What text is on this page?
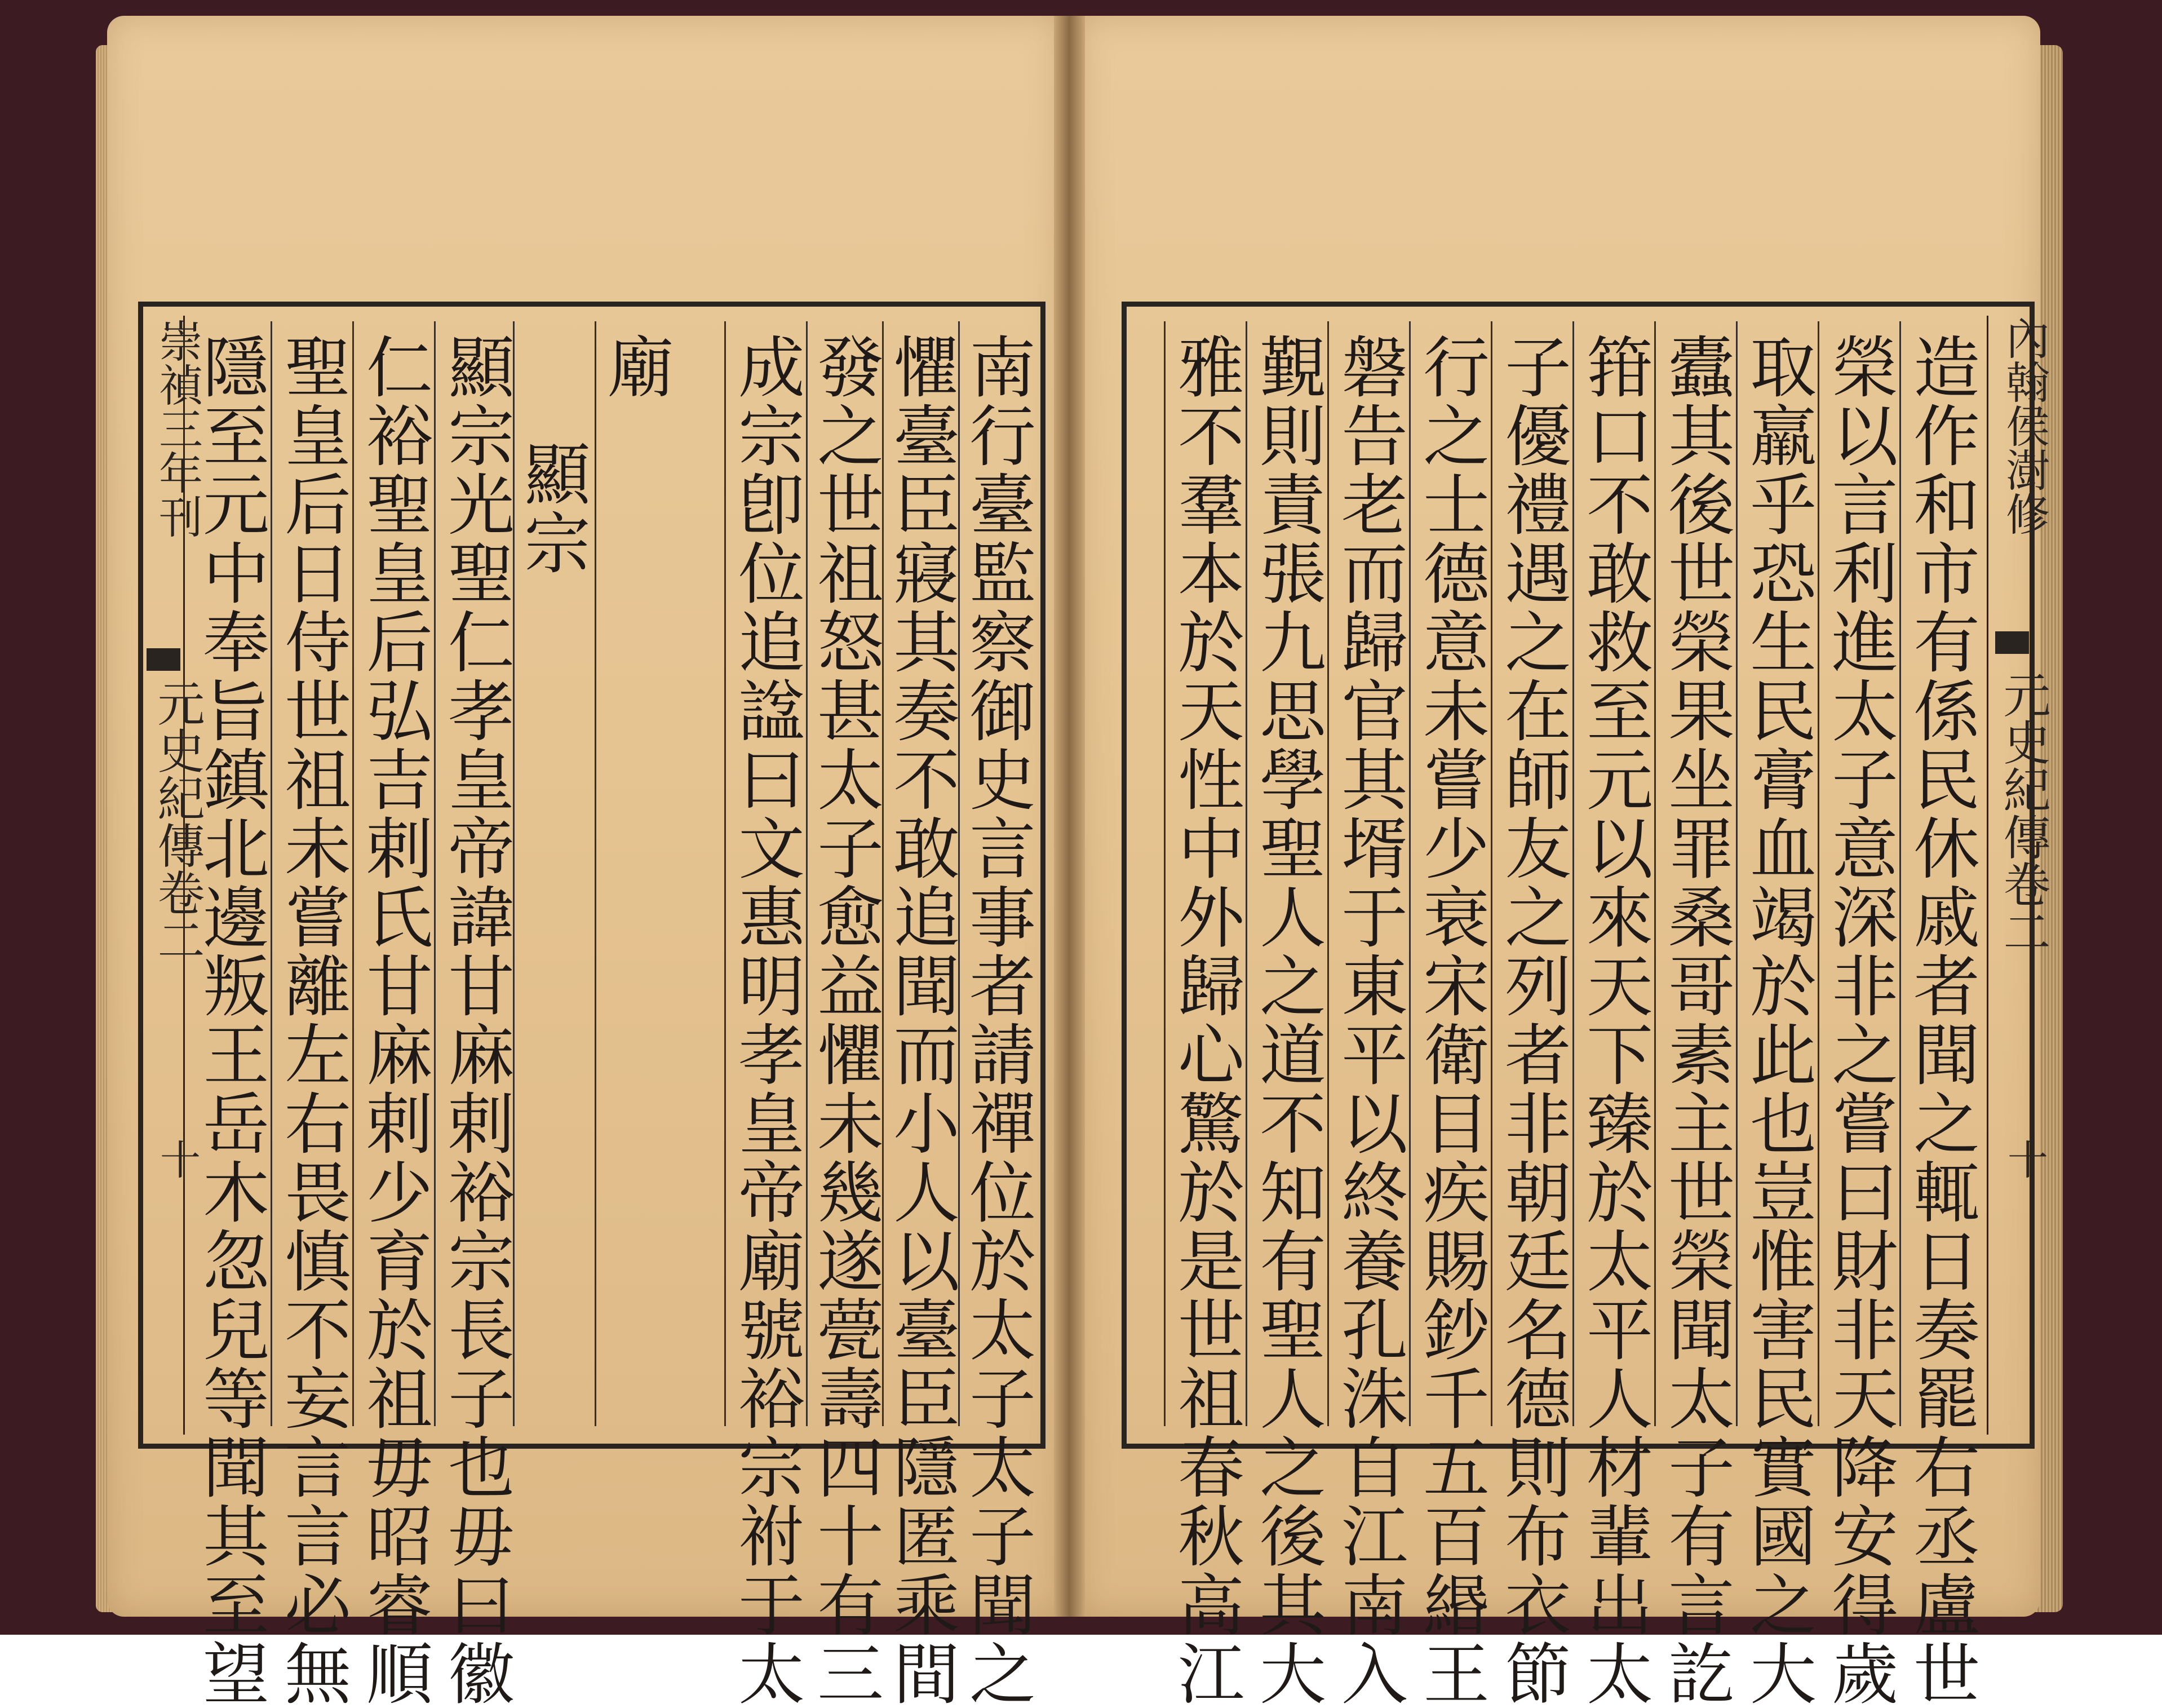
崇禎三年刊
元史紀傳卷二
十	南行臺監察御史言事者請禪位於太子太子聞之
懼臺臣寢其奏不敢追聞而小人以臺臣隱匿乘間
發之世祖怒甚太子愈益懼未幾遂甍壽四十有三
成宗卽位追諡曰文惠明孝皇帝廟號裕宗祔于太
廟
顯宗
顯宗光聖仁孝皇帝諱甘麻剌裕宗長子也毋曰徽
仁裕聖皇后弘吉剌氏甘麻剌少育於祖毋昭睿順
聖皇后日侍世祖未嘗離左右畏慎不妄言言必無
隱至元中奉旨鎮北邊叛王岳木忽兒等聞其至望	造作和市有係民休戚者聞之輒日奏罷右丞盧世
榮以言利進太子意深非之嘗曰財非天降安得歲
取羸乎恐生民膏血竭於此也豈惟害民實國之大
蠹其後世榮果坐罪桑哥素主世榮聞太子有言訖
箝口不敢救至元以來天下臻於太平人材輩出太
子優禮遇之在師友之列者非朝廷名德則布衣節
行之士德意未嘗少衰宋衛目疾賜鈔千五百緡王
磐告老而歸官其壻于東平以終養孔洙自江南入
覲則責張九思學聖人之道不知有聖人之後其大
雅不羣本於天性中外歸心驚於是世祖春秋高江	內翰侯澍修
元史紀傳卷二
十
